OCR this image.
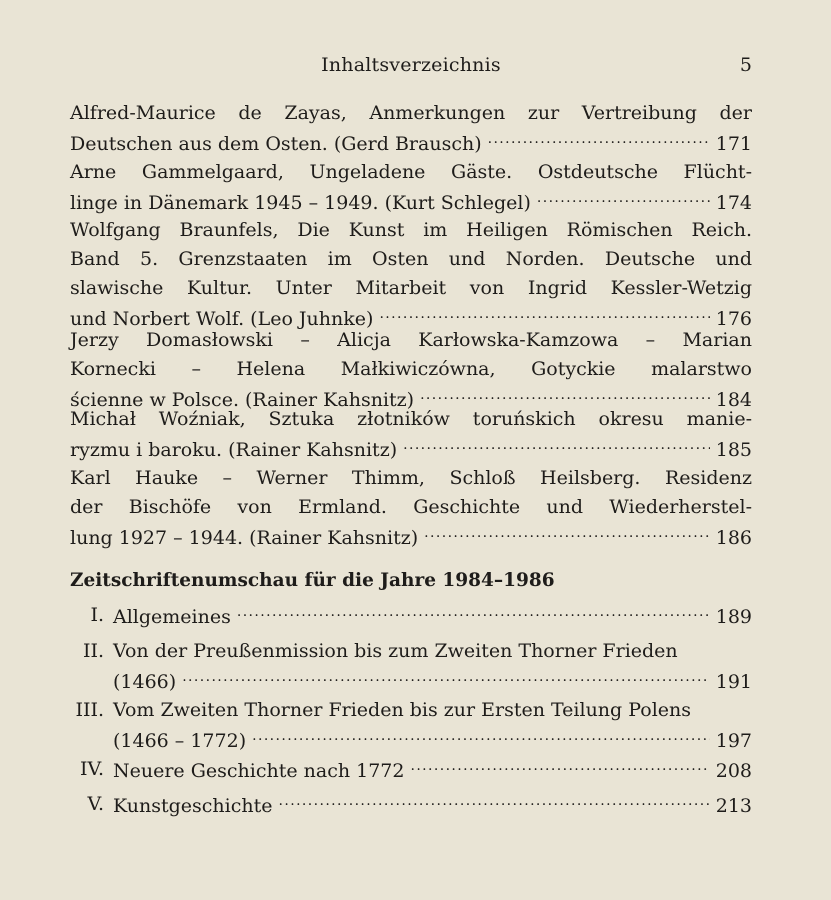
Inhaltsverzeichnis	5
Alfred-Maurice de Zayas, Anmerkungen zur Vertreibung der
Deutschen aus dem Osten. (Gerd Brausch) .....	171
Arne Gammelgaard, Ungeladene Gäste. Ostdeutsche Flücht-
linge in Dänemark 1945 – 1949. (Kurt Schlegel) .....	174
Wolfgang Braunfels, Die Kunst im Heiligen Römischen Reich.
Band 5. Grenzstaaten im Osten und Norden. Deutsche und
slawische Kultur. Unter Mitarbeit von Ingrid Kessler-Wetzig
und Norbert Wolf. (Leo Juhnke) .....	176
Jerzy Domasłowski – Alicja Karłowska-Kamzowa – Marian
Kornecki – Helena Małkiwiczówna, Gotyckie malarstwo
ścienne w Polsce. (Rainer Kahsnitz) .....	184
Michał Woźniak, Sztuka złotników toruńskich okresu manie-
ryzmu i baroku. (Rainer Kahsnitz) .....	185
Karl Hauke – Werner Thimm, Schloß Heilsberg. Residenz
der Bischöfe von Ermland. Geschichte und Wiederherstel-
lung 1927 – 1944. (Rainer Kahsnitz) .....	186
Zeitschriftenumschau für die Jahre 1984–1986
I. Allgemeines .....	189
II. Von der Preußenmission bis zum Zweiten Thorner Frieden
(1466) .....	191
III. Vom Zweiten Thorner Frieden bis zur Ersten Teilung Polens
(1466 – 1772) .....	197
IV. Neuere Geschichte nach 1772 .....	208
V. Kunstgeschichte .....	213
